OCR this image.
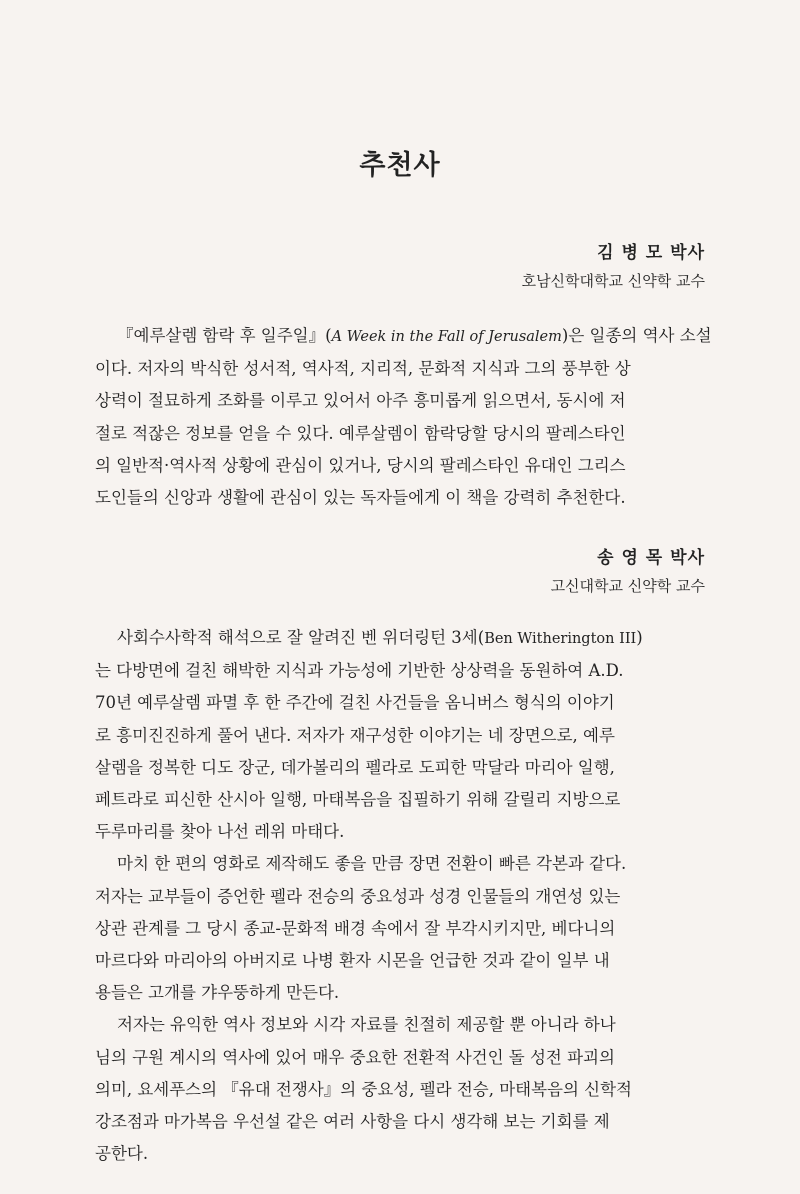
추천사
김 병 모 박사
호남신학대학교 신약학 교수
『예루살렘 함락 후 일주일』(A Week in the Fall of Jerusalem)은 일종의 역사 소설
이다. 저자의 박식한 성서적, 역사적, 지리적, 문화적 지식과 그의 풍부한 상
상력이 절묘하게 조화를 이루고 있어서 아주 흥미롭게 읽으면서, 동시에 저
절로 적잖은 정보를 얻을 수 있다. 예루살렘이 함락당할 당시의 팔레스타인
의 일반적·역사적 상황에 관심이 있거나, 당시의 팔레스타인 유대인 그리스
도인들의 신앙과 생활에 관심이 있는 독자들에게 이 책을 강력히 추천한다.
송 영 목 박사
고신대학교 신약학 교수
사회수사학적 해석으로 잘 알려진 벤 위더링턴 3세(Ben Witherington III)
는 다방면에 걸친 해박한 지식과 가능성에 기반한 상상력을 동원하여 A.D.
70년 예루살렘 파멸 후 한 주간에 걸친 사건들을 옴니버스 형식의 이야기
로 흥미진진하게 풀어 낸다. 저자가 재구성한 이야기는 네 장면으로, 예루
살렘을 정복한 디도 장군, 데가볼리의 펠라로 도피한 막달라 마리아 일행,
페트라로 피신한 산시아 일행, 마태복음을 집필하기 위해 갈릴리 지방으로
두루마리를 찾아 나선 레위 마태다.
마치 한 편의 영화로 제작해도 좋을 만큼 장면 전환이 빠른 각본과 같다.
저자는 교부들이 증언한 펠라 전승의 중요성과 성경 인물들의 개연성 있는
상관 관계를 그 당시 종교-문화적 배경 속에서 잘 부각시키지만, 베다니의
마르다와 마리아의 아버지로 나병 환자 시몬을 언급한 것과 같이 일부 내
용들은 고개를 갸우뚱하게 만든다.
저자는 유익한 역사 정보와 시각 자료를 친절히 제공할 뿐 아니라 하나
님의 구원 계시의 역사에 있어 매우 중요한 전환적 사건인 돌 성전 파괴의
의미, 요세푸스의 『유대 전쟁사』의 중요성, 펠라 전승, 마태복음의 신학적
강조점과 마가복음 우선설 같은 여러 사항을 다시 생각해 보는 기회를 제
공한다.
